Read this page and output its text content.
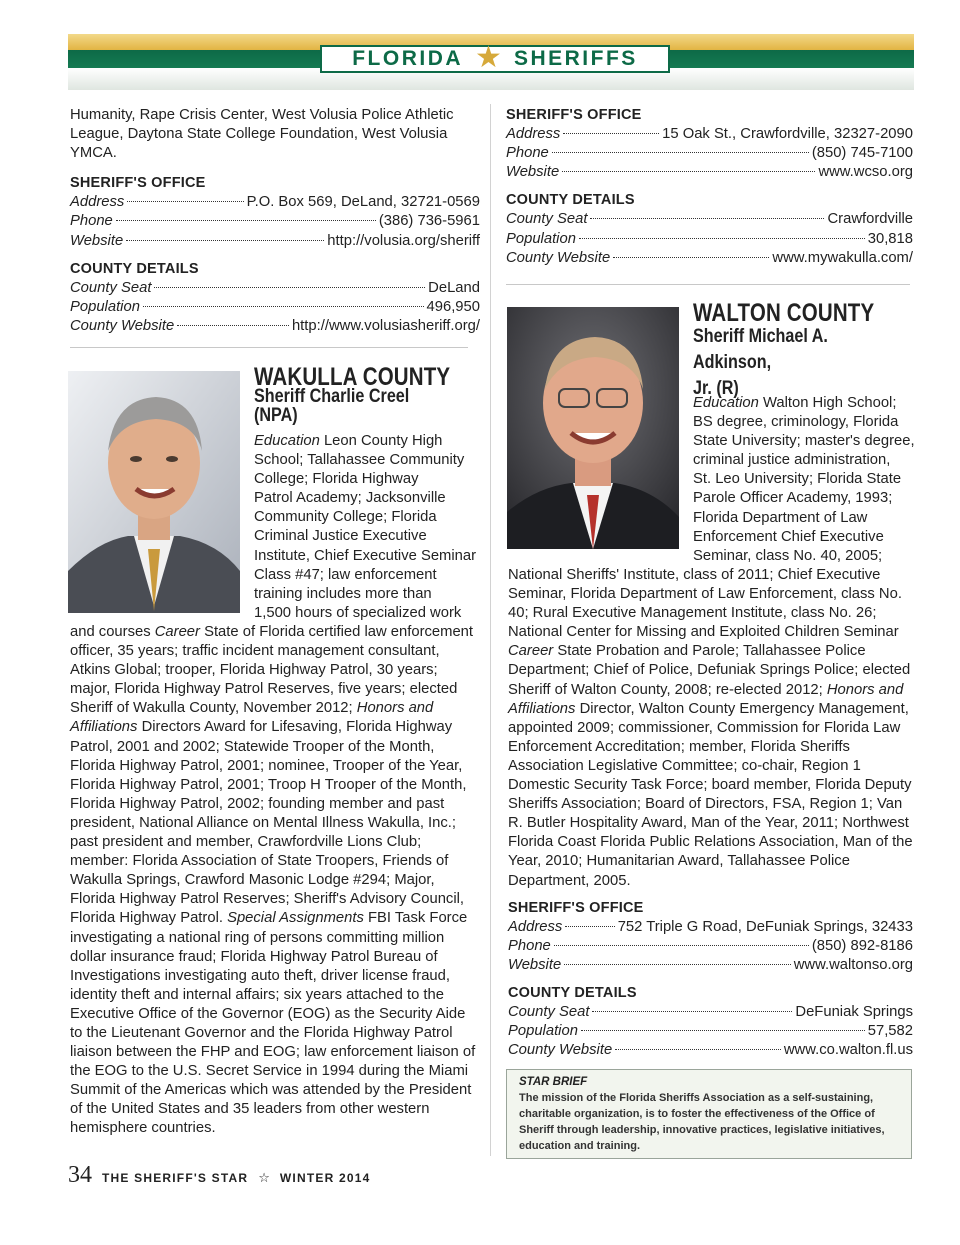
FLORIDA ★ SHERIFFS

Humanity, Rape Crisis Center, West Volusia Police Athletic League, Daytona State College Foundation, West Volusia YMCA.

SHERIFF'S OFFICE

Address	P.O. Box 569, DeLand, 32721-0569
Phone	(386) 736-5961
Website	http://volusia.org/sheriff

COUNTY DETAILS

County Seat	DeLand
Population	496,950
County Website	http://www.volusiasheriff.org/
WAKULLA COUNTY
Sheriff Charlie Creel (NPA)
Education Leon County High
School; Tallahassee Community
College; Florida Highway
Patrol Academy; Jacksonville
Community College; Florida
Criminal Justice Executive
Institute, Chief Executive Seminar
Class #47; law enforcement
training includes more than
1,500 hours of specialized work

and courses Career State of Florida certified law enforcement officer, 35 years; traffic incident management consultant, Atkins Global; trooper, Florida Highway Patrol, 30 years; major, Florida Highway Patrol Reserves, five years; elected Sheriff of Wakulla County, November 2012; Honors and Affiliations Directors Award for Lifesaving, Florida Highway Patrol, 2001 and 2002; Statewide Trooper of the Month, Florida Highway Patrol, 2001; nominee, Trooper of the Year, Florida Highway Patrol, 2001; Troop H Trooper of the Month, Florida Highway Patrol, 2002; founding member and past president, National Alliance on Mental Illness Wakulla, Inc.; past president and member, Crawfordville Lions Club; member: Florida Association of State Troopers, Friends of Wakulla Springs, Crawford Masonic Lodge #294; Major, Florida Highway Patrol Reserves; Sheriff's Advisory Council, Florida Highway Patrol. Special Assignments FBI Task Force investigating a national ring of persons committing million dollar insurance fraud; Florida Highway Patrol Bureau of Investigations investigating auto theft, driver license fraud, identity theft and internal affairs; six years attached to the Executive Office of the Governor (EOG) as the Security Aide to the Lieutenant Governor and the Florida Highway Patrol liaison between the FHP and EOG; law enforcement liaison of the EOG to the U.S. Secret Service in 1994 during the Miami Summit of the Americas which was attended by the President of the United States and 35 leaders from other western hemisphere countries.

SHERIFF'S OFFICE

Address	15 Oak St., Crawfordville, 32327-2090
Phone	(850) 745-7100
Website	www.wcso.org

COUNTY DETAILS

County Seat	Crawfordville
Population	30,818
County Website	www.mywakulla.com/
WALTON COUNTY
Sheriff Michael A. Adkinson,
Jr. (R)
Education Walton High School;
BS degree, criminology, Florida
State University; master's degree,
criminal justice administration,
St. Leo University; Florida State
Parole Officer Academy, 1993;
Florida Department of Law
Enforcement Chief Executive
Seminar, class No. 40, 2005;

National Sheriffs' Institute, class of 2011; Chief Executive Seminar, Florida Department of Law Enforcement, class No. 40; Rural Executive Management Institute, class No. 26; National Center for Missing and Exploited Children Seminar Career State Probation and Parole; Tallahassee Police Department; Chief of Police, Defuniak Springs Police; elected Sheriff of Walton County, 2008; re-elected 2012; Honors and Affiliations Director, Walton County Emergency Management, appointed 2009; commissioner, Commission for Florida Law Enforcement Accreditation; member, Florida Sheriffs Association Legislative Committee; co-chair, Region 1 Domestic Security Task Force; board member, Florida Deputy Sheriffs Association; Board of Directors, FSA, Region 1; Van R. Butler Hospitality Award, Man of the Year, 2011; Northwest Florida Coast Florida Public Relations Association, Man of the Year, 2010; Humanitarian Award, Tallahassee Police Department, 2005.

SHERIFF'S OFFICE

Address	752 Triple G Road, DeFuniak Springs, 32433
Phone	(850) 892-8186
Website	www.waltonso.org

COUNTY DETAILS

County Seat	DeFuniak Springs
Population	57,582
County Website	www.co.walton.fl.us
STAR BRIEF
The mission of the Florida Sheriffs Association as a self-sustaining, charitable organization, is to foster the effectiveness of the Office of Sheriff through leadership, innovative practices, legislative initiatives, education and training.
34 THE SHERIFF'S STAR ☆ WINTER 2014
